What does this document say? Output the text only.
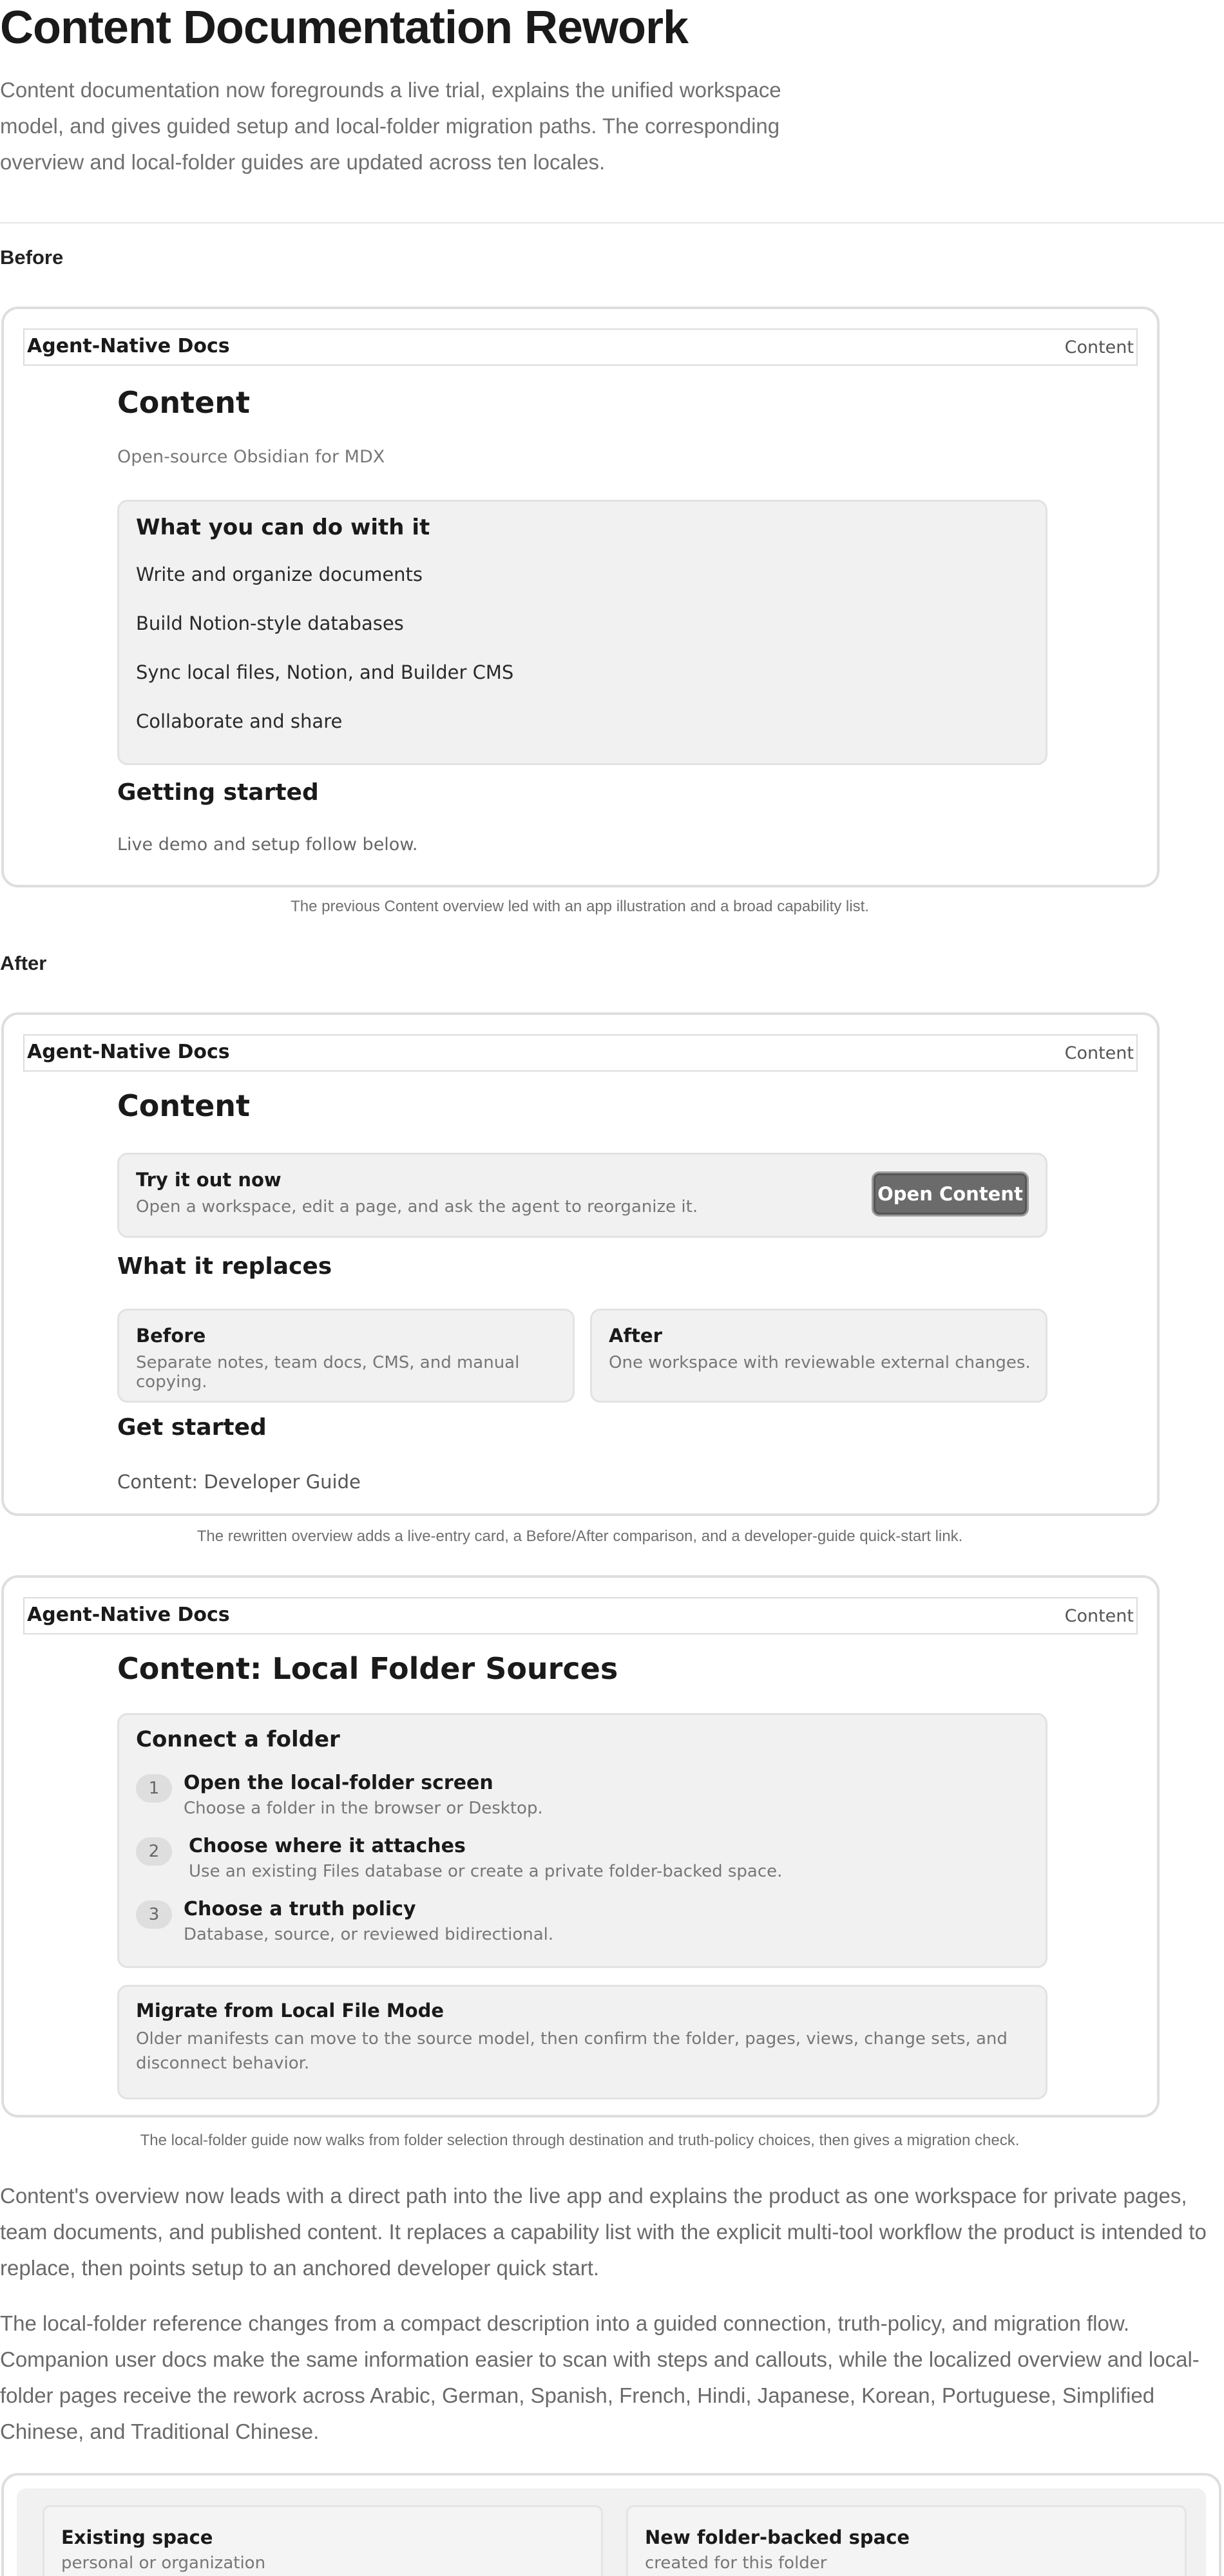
Content Documentation Rework

Content documentation now foregrounds a live trial, explains the unified workspace model, and gives guided setup and local-folder migration paths. The corresponding overview and local-folder guides are updated across ten locales.

Before
Agent-Native Docs	Content
Content
Open-source Obsidian for MDX
What you can do with it
Write and organize documents
Build Notion-style databases
Sync local files, Notion, and Builder CMS
Collaborate and share
Getting started
Live demo and setup follow below.
The previous Content overview led with an app illustration and a broad capability list.
After
Agent-Native Docs	Content
Content
Try it out now
Open a workspace, edit a page, and ask the agent to reorganize it.
Open Content
What it replaces
Before
Separate notes, team docs, CMS, and manual copying.
After
One workspace with reviewable external changes.
Get started
Content: Developer Guide
The rewritten overview adds a live-entry card, a Before/After comparison, and a developer-guide quick-start link.
Agent-Native Docs	Content
Content: Local Folder Sources
Connect a folder
1	Open the local-folder screen
Choose a folder in the browser or Desktop.
2	Choose where it attaches
Use an existing Files database or create a private folder-backed space.
3	Choose a truth policy
Database, source, or reviewed bidirectional.
Migrate from Local File Mode
Older manifests can move to the source model, then confirm the folder, pages, views, change sets, and disconnect behavior.
The local-folder guide now walks from folder selection through destination and truth-policy choices, then gives a migration check.

Content's overview now leads with a direct path into the live app and explains the product as one workspace for private pages, team documents, and published content. It replaces a capability list with the explicit multi-tool workflow the product is intended to replace, then points setup to an anchored developer quick start.

The local-folder reference changes from a compact description into a guided connection, truth-policy, and migration flow. Companion user docs make the same information easier to scan with steps and callouts, while the localized overview and local-folder pages receive the rework across Arabic, German, Spanish, French, Hindi, Japanese, Korean, Portuguese, Simplified Chinese, and Traditional Chinese.

Existing space
personal or organization
New folder-backed space
created for this folder
